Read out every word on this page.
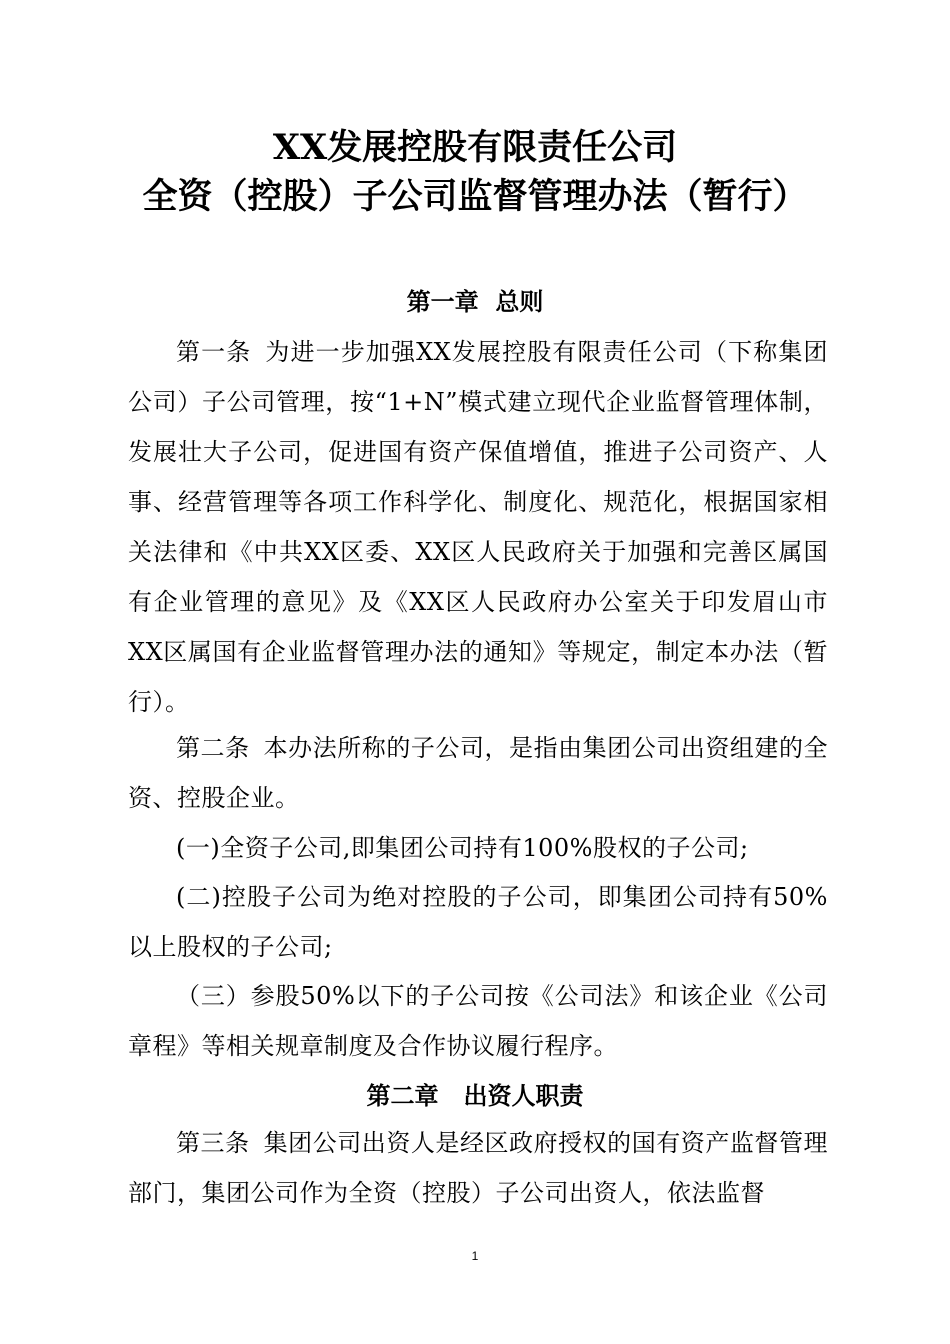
XX发展控股有限责任公司
全资（控股）子公司监督管理办法（暂行）
第一章  总则

第一条 为进一步加强XX发展控股有限责任公司（下称集团公司）子公司管理，按“1+N”模式建立现代企业监督管理体制，发展壮大子公司，促进国有资产保值增值，推进子公司资产、人事、经营管理等各项工作科学化、制度化、规范化，根据国家相关法律和《中共XX区委、XX区人民政府关于加强和完善区属国有企业管理的意见》及《XX区人民政府办公室关于印发眉山市XX区属国有企业监督管理办法的通知》等规定，制定本办法（暂行）。

第二条 本办法所称的子公司，是指由集团公司出资组建的全资、控股企业。

(一)全资子公司,即集团公司持有100%股权的子公司;

(二)控股子公司为绝对控股的子公司，即集团公司持有50%以上股权的子公司;

（三）参股50%以下的子公司按《公司法》和该企业《公司章程》等相关规章制度及合作协议履行程序。

第二章   出资人职责

第三条 集团公司出资人是经区政府授权的国有资产监督管理部门，集团公司作为全资（控股）子公司出资人，依法监督

1
